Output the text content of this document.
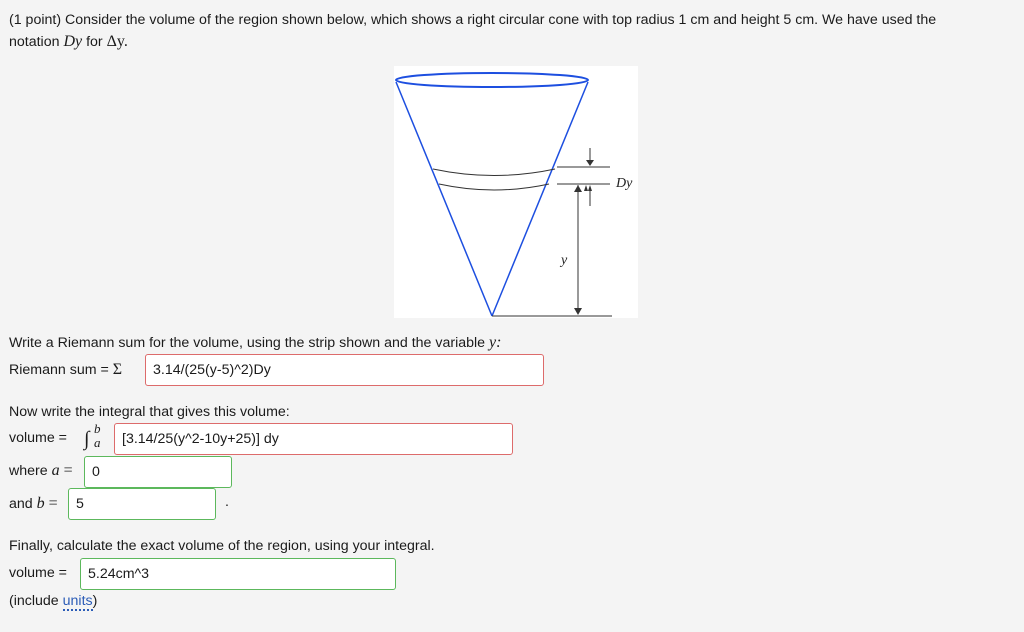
(1 point) Consider the volume of the region shown below, which shows a right circular cone with top radius 1 cm and height 5 cm. We have used the
notation Dy for Δy.
Dy
y
Write a Riemann sum for the volume, using the strip shown and the variable y:
Riemann sum = Σ 3.14/(25(y-5)^2)Dy
Now write the integral that gives this volume:
volume = ∫ b
a [3.14/25(y^2-10y+25)] dy
where a = 0
and b = 5	.
Finally, calculate the exact volume of the region, using your integral.
volume = 5.24cm^3
(include units)
